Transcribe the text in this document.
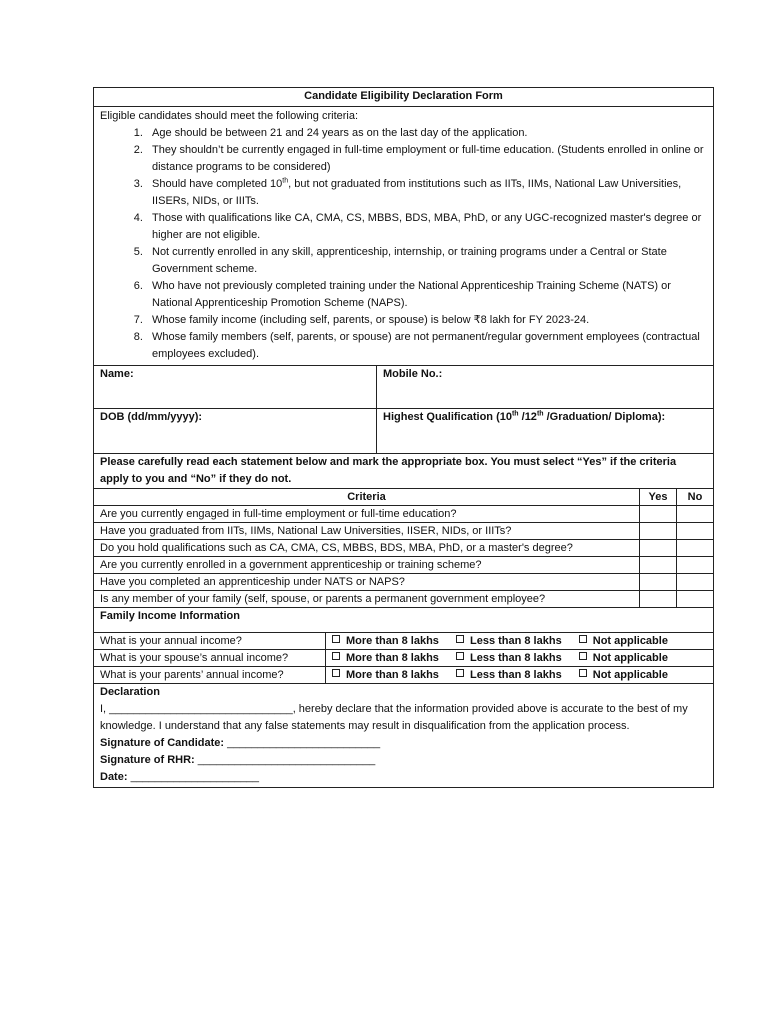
Candidate Eligibility Declaration Form
Eligible candidates should meet the following criteria:
1. Age should be between 21 and 24 years as on the last day of the application.
2. They shouldn’t be currently engaged in full-time employment or full-time education. (Students enrolled in online or distance programs to be considered)
3. Should have completed 10th, but not graduated from institutions such as IITs, IIMs, National Law Universities, IISERs, NIDs, or IIITs.
4. Those with qualifications like CA, CMA, CS, MBBS, BDS, MBA, PhD, or any UGC-recognized master's degree or higher are not eligible.
5. Not currently enrolled in any skill, apprenticeship, internship, or training programs under a Central or State Government scheme.
6. Who have not previously completed training under the National Apprenticeship Training Scheme (NATS) or National Apprenticeship Promotion Scheme (NAPS).
7. Whose family income (including self, parents, or spouse) is below ₹8 lakh for FY 2023-24.
8. Whose family members (self, parents, or spouse) are not permanent/regular government employees (contractual employees excluded).
Name:	Mobile No.:
DOB (dd/mm/yyyy):	Highest Qualification (10th /12th /Graduation/ Diploma):
Please carefully read each statement below and mark the appropriate box. You must select “Yes” if the criteria apply to you and “No” if they do not.
Criteria	Yes	No
Are you currently engaged in full-time employment or full-time education?		
Have you graduated from IITs, IIMs, National Law Universities, IISER, NIDs, or IIITs?		
Do you hold qualifications such as CA, CMA, CS, MBBS, BDS, MBA, PhD, or a master's degree?		
Are you currently enrolled in a government apprenticeship or training scheme?		
Have you completed an apprenticeship under NATS or NAPS?		
Is any member of your family (self, spouse, or parents a permanent government employee?		
Family Income Information
What is your annual income?	More than 8 lakhs Less than 8 lakhs Not applicable
What is your spouse’s annual income?	More than 8 lakhs Less than 8 lakhs Not applicable
What is your parents’ annual income?	More than 8 lakhs Less than 8 lakhs Not applicable
Declaration
I, ______________________________, hereby declare that the information provided above is accurate to the best of my knowledge. I understand that any false statements may result in disqualification from the application process.
Signature of Candidate: _________________________
Signature of RHR: _____________________________
Date: _____________________
